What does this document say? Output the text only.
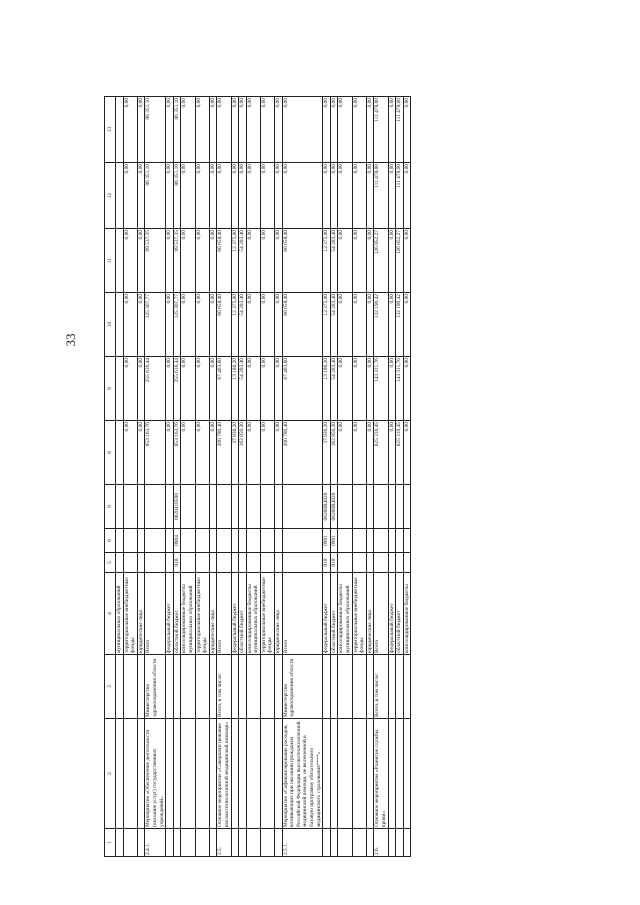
33
1	2	3	4	5	6	9	8	9	10	11	12	13
			муниципальных образований									
			территориальные внебюджетные фонды				0,00	0,00	0,00	0,00	0,00	0,00
			юридические лица				0,00	0,00	0,00	0,00	0,00	0,00
2.4.1.	Мероприятие «Обеспечение деятельности (оказание услуг) государственных учреждений»	Министерство здравоохранения области	Всего				653 163,76	255 616,44	125 307,77	99 537,35	86 351,10	86 351,10
			федеральный бюджет				0,00	0,00	0,00	0,00	0,00	0,00
			областной бюджет	918	0904	0620410590	653 163,76	255 616,44	125 307,77	99 537,35	86 351,10	86 351,10
			консолидированные бюджеты муниципальных образований				0,00	0,00	0,00	0,00	0,00	0,00
			территориальные внебюджетные фонды				0,00	0,00	0,00	0,00	0,00	0,00
			юридические лица				0,00	0,00	0,00	0,00	0,00	0,00
2.5.	Основное мероприятие «Совершенствование высокотехнологичной медицинской помощи»	Всего, в том числе:	Всего				200 780,40	67 463,60	66 658,40	66 658,40	0,00	0,00
			федеральный бюджет				37 930,20	13 180,20	12 375,00	12 375,00	0,00	0,00
			областной бюджет				162 850,20	54 283,40	54 283,40	54 283,40	0,00	0,00
			консолидированные бюджеты муниципальных образований				0,00	0,00	0,00	0,00	0,00	0,00
			территориальные внебюджетные фонды				0,00	0,00	0,00	0,00	0,00	0,00
			юридические лица				0,00	0,00	0,00	0,00	0,00	0,00
2.5.1.	Мероприятие «Софинансирование расходов, возникающих при оказании гражданам Российской Федерации высокотехнологичной медицинской помощи, не включенной в базовую программу обязательного медицинского страхования****»	Министерство здравоохранения области	Всего				200 780,40	67 463,60	66 658,40	66 658,40	0,00	0,00
			федеральный бюджет	918	0901	06206R4020	37 930,20	13 180,20	12 375,00	12 375,00	0,00	0,00
			областной бюджет	918	0901	06206R4020	162 850,20	54 283,40	54 283,40	54 283,40	0,00	0,00
			консолидированные бюджеты муниципальных образований				0,00	0,00	0,00	0,00	0,00	0,00
			территориальные внебюджетные фонды				0,00	0,00	0,00	0,00	0,00	0,00
			юридические лица				0,00	0,00	0,00	0,00	0,00	0,00
2.6.	Основное мероприятие «Развитие службы крови»	Всего, в том числе:	Всего				625 310,45	143 311,76	132 190,42	126 852,27	111 478,00	111 478,00
			федеральный бюджет				0,00	0,00	0,00	0,00	0,00	0,00
			областной бюджет				625 310,45	143 311,76	132 190,42	126 852,27	111 478,00	111 478,00
			консолидированные бюджеты				0,00	0,00	0,00	0,00	0,00	0,00
